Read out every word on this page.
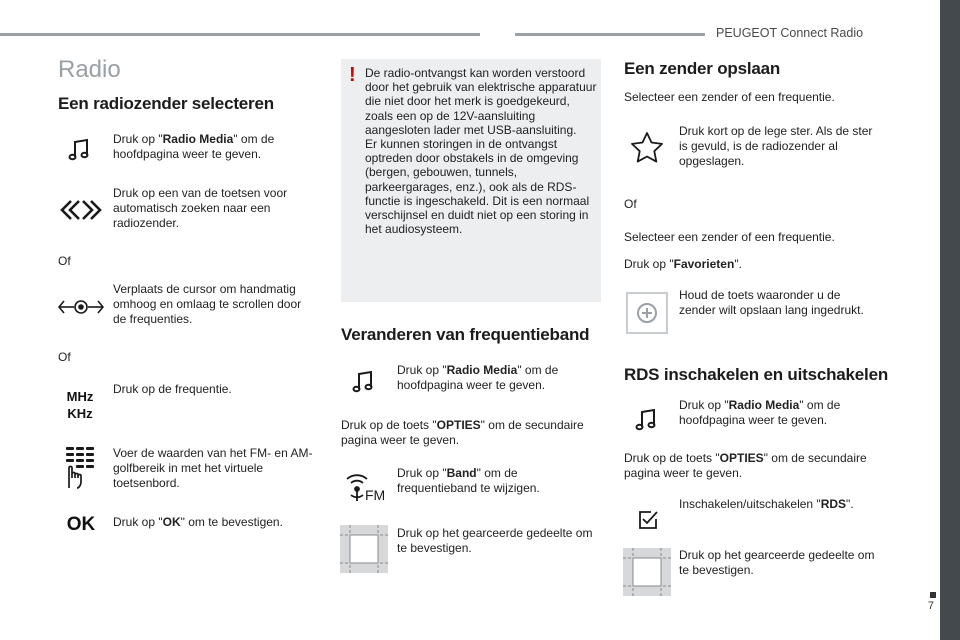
PEUGEOT Connect Radio
7
Radio
Een radiozender selecteren
Druk op "Radio Media" om de hoofdpagina weer te geven.
Druk op een van de toetsen voor automatisch zoeken naar een radiozender.
Of
Verplaats de cursor om handmatig omhoog en omlaag te scrollen door de frequenties.
Of
MHz
KHz
Druk op de frequentie.
Voer de waarden van het FM- en AM-golfbereik in met het virtuele toetsenbord.
OK	Druk op "OK" om te bevestigen.
! De radio-ontvangst kan worden verstoord door het gebruik van elektrische apparatuur die niet door het merk is goedgekeurd, zoals een op de 12V-aansluiting aangesloten lader met USB-aansluiting.
Er kunnen storingen in de ontvangst optreden door obstakels in de omgeving (bergen, gebouwen, tunnels, parkeergarages, enz.), ook als de RDS-functie is ingeschakeld. Dit is een normaal verschijnsel en duidt niet op een storing in het audiosysteem.
Veranderen van frequentieband
Druk op "Radio Media" om de hoofdpagina weer te geven.
Druk op de toets "OPTIES" om de secundaire pagina weer te geven.
FM
Druk op "Band" om de frequentieband te wijzigen.
Druk op het gearceerde gedeelte om te bevestigen.
Een zender opslaan
Selecteer een zender of een frequentie.
Druk kort op de lege ster. Als de ster is gevuld, is de radiozender al opgeslagen.
Of
Selecteer een zender of een frequentie.
Druk op "Favorieten".
Houd de toets waaronder u de zender wilt opslaan lang ingedrukt.
RDS inschakelen en uitschakelen
Druk op "Radio Media" om de hoofdpagina weer te geven.
Druk op de toets "OPTIES" om de secundaire pagina weer te geven.
Inschakelen/uitschakelen "RDS".
Druk op het gearceerde gedeelte om te bevestigen.
